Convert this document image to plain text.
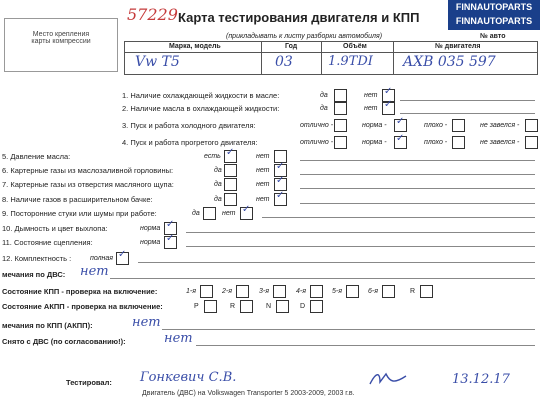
FINNAUTOPARTS
FINNAUTOPARTS
Место крепления
карты компрессии
57229 Карта тестирования двигателя и КПП
(прикладывать к листу разборки автомобиля)	№ авто
Марка, модель	Год	Объём	№ двигателя
Vw T5	03	1.9TDI AXB 035 597
1. Наличие охлаждающей жидкости в масле:	да	нет ✓
2. Наличие масла в охлаждающей жидкости:	да	нет ✓
3. Пуск и работа холодного двигателя:	отлично -	норма - ✓	плохо -	не завелся -
4. Пуск и работа прогретого двигателя:	отлично -	норма - ✓	плохо -	не завелся -
5. Давление масла:	есть ✓	нет
6. Картерные газы из маслозаливной горловины:	да	нет ✓
7. Картерные газы из отверстия масляного щупа:	да	нет ✓
8. Наличие газов в расширительном бачке:	да	нет ✓
9. Посторонние стуки или шумы при работе:	да	нет ✓
10. Дымность и цвет выхлопа:	норма ✓
11. Состояние сцепления:	норма ✓
12. Комплектность :	полная ✓
мечания по ДВС: нет
Состояние КПП - проверка на включение:	1-я	2-я	3-я	4-я	5-я	6-я	R
Состояние АКПП - проверка на включение:	P	R	N	D
мечания по КПП (АКПП):	нет
Снято с ДВС (по согласованию!):	нет
Тестировал: Гонкевич С.В.	13.12.17
Двигатель (ДВС) на Volkswagen Transporter 5 2003-2009, 2003 г.в.
